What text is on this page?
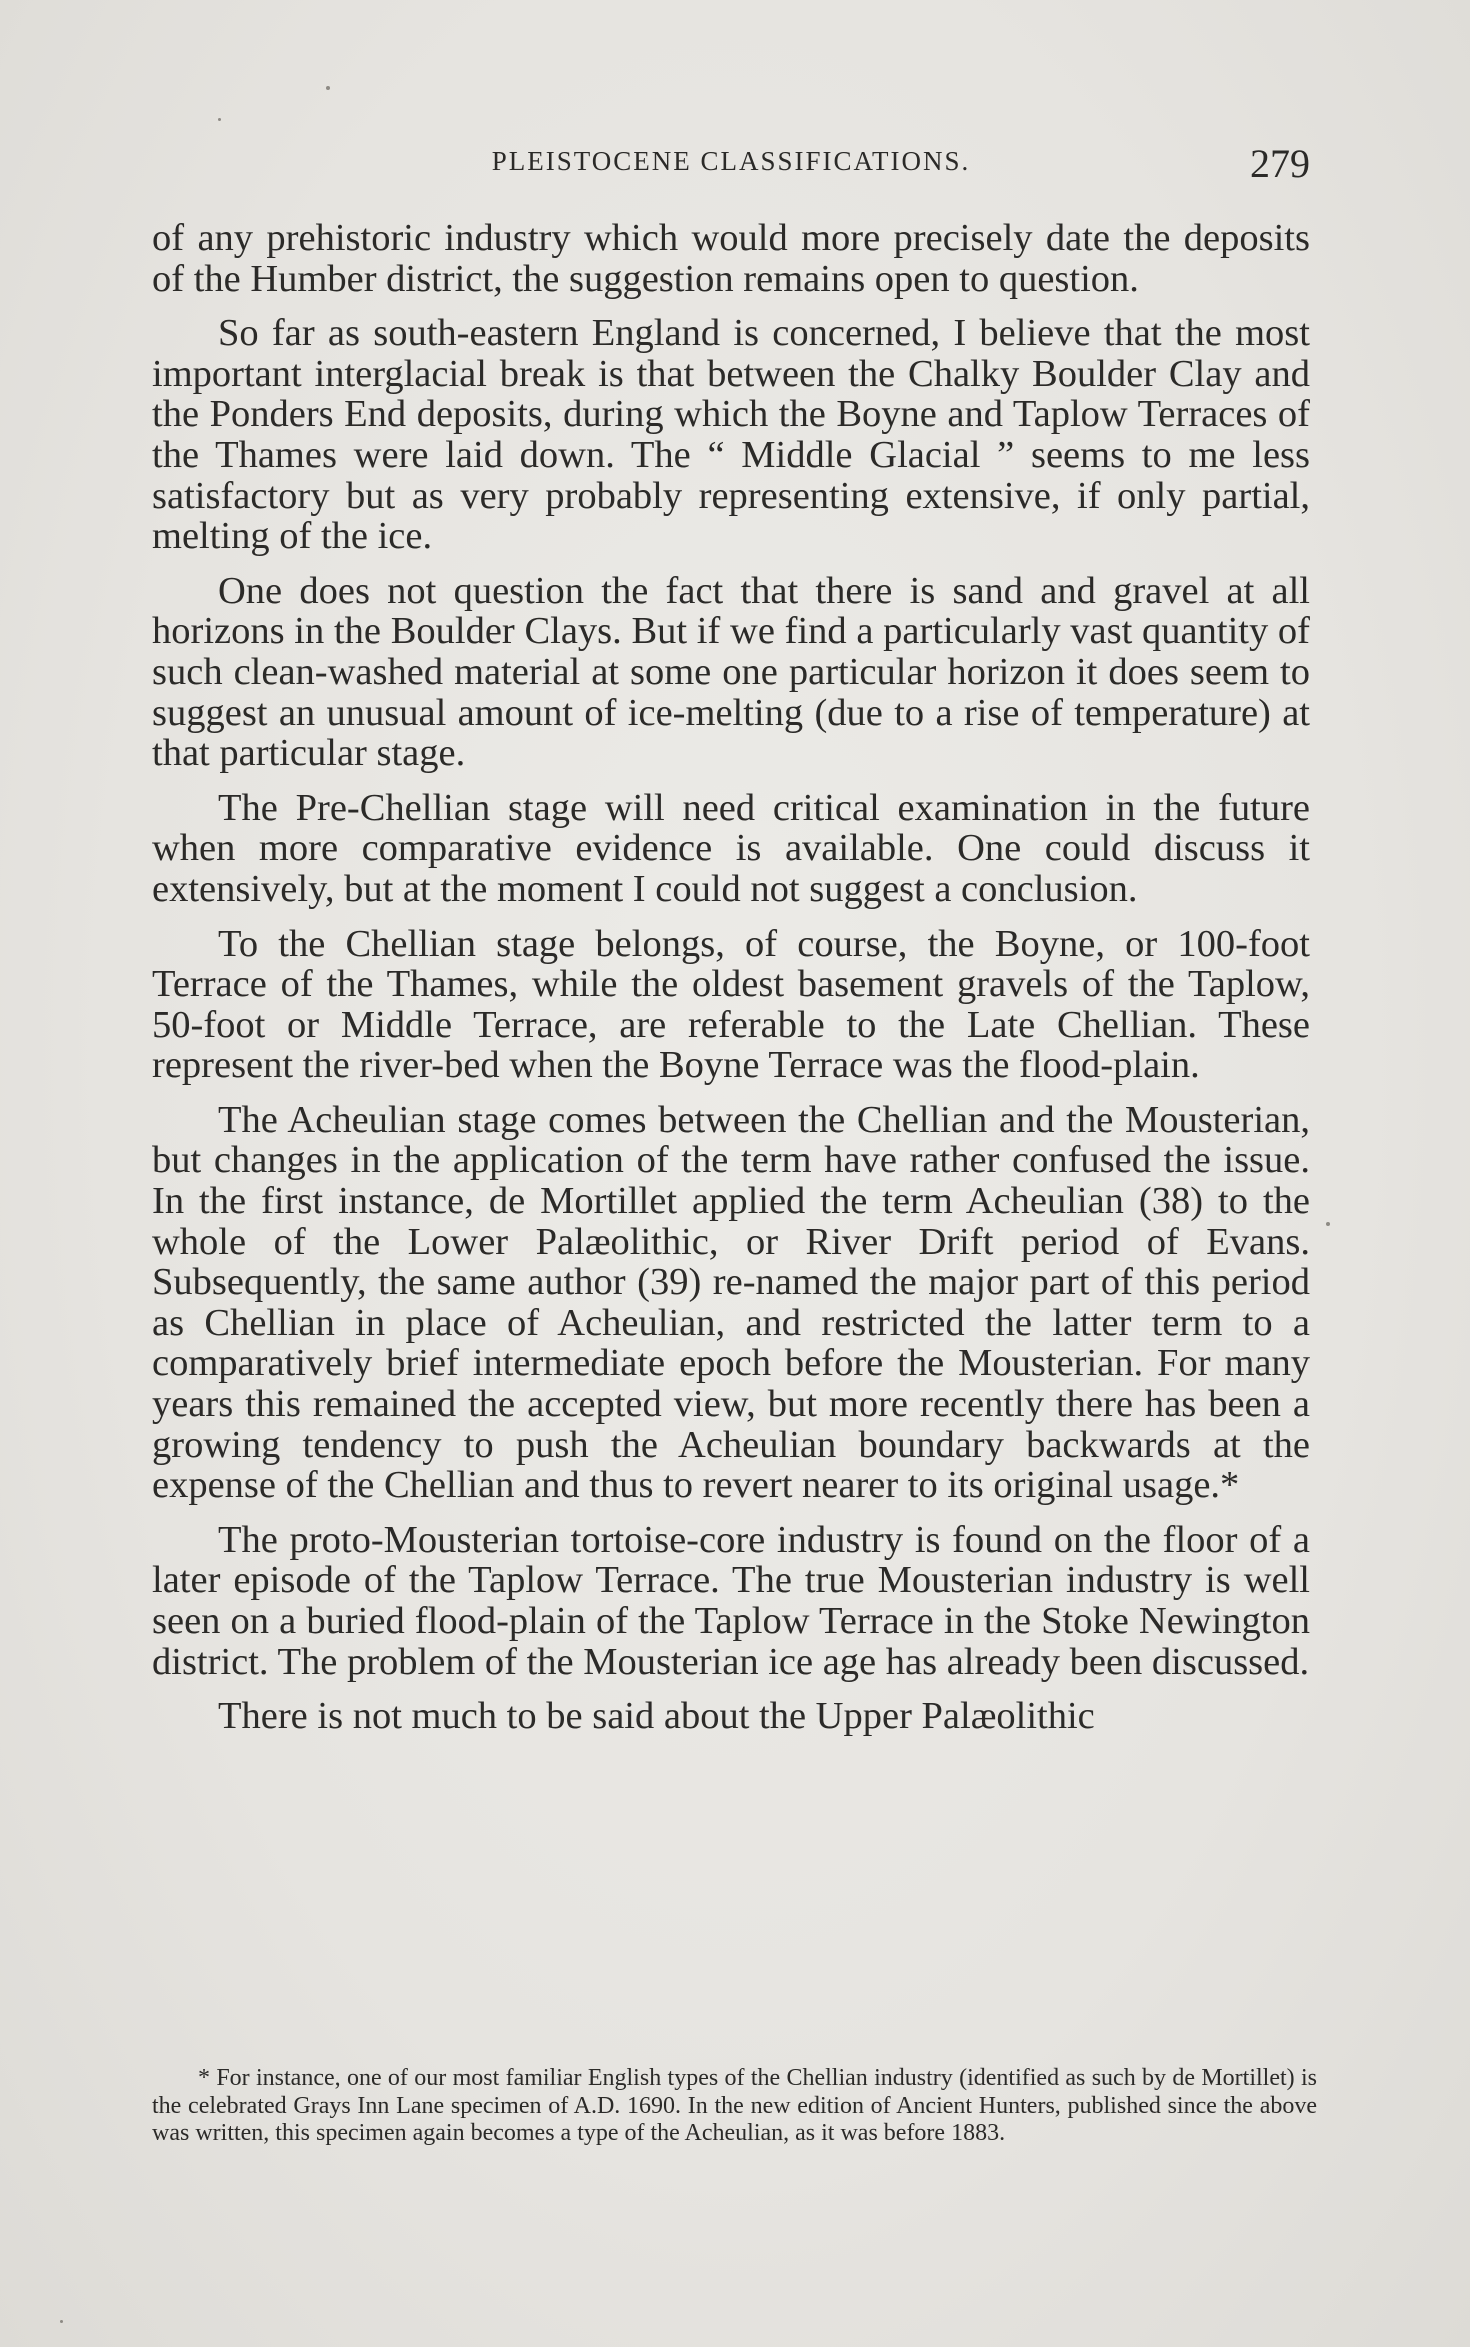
PLEISTOCENE CLASSIFICATIONS.	279

of any prehistoric industry which would more precisely date the deposits of the Humber district, the suggestion remains open to question.

So far as south-eastern England is concerned, I believe that the most important interglacial break is that between the Chalky Boulder Clay and the Ponders End deposits, during which the Boyne and Taplow Terraces of the Thames were laid down. The “ Middle Glacial ” seems to me less satisfactory but as very probably representing extensive, if only partial, melting of the ice.

One does not question the fact that there is sand and gravel at all horizons in the Boulder Clays. But if we find a particularly vast quantity of such clean-washed material at some one particular horizon it does seem to suggest an unusual amount of ice-melting (due to a rise of temperature) at that particular stage.

The Pre-Chellian stage will need critical examination in the future when more comparative evidence is available. One could discuss it extensively, but at the moment I could not suggest a conclusion.

To the Chellian stage belongs, of course, the Boyne, or 100-foot Terrace of the Thames, while the oldest basement gravels of the Taplow, 50-foot or Middle Terrace, are referable to the Late Chellian. These represent the river-bed when the Boyne Terrace was the flood-plain.

The Acheulian stage comes between the Chellian and the Mousterian, but changes in the application of the term have rather confused the issue. In the first instance, de Mortillet applied the term Acheulian (38) to the whole of the Lower Palæolithic, or River Drift period of Evans. Subsequently, the same author (39) re-named the major part of this period as Chellian in place of Acheulian, and restricted the latter term to a comparatively brief intermediate epoch before the Mousterian. For many years this remained the accepted view, but more recently there has been a growing tendency to push the Acheulian boundary backwards at the expense of the Chellian and thus to revert nearer to its original usage.*

The proto-Mousterian tortoise-core industry is found on the floor of a later episode of the Taplow Terrace. The true Mousterian industry is well seen on a buried flood-plain of the Taplow Terrace in the Stoke Newington district. The problem of the Mousterian ice age has already been discussed.

There is not much to be said about the Upper Palæolithic

* For instance, one of our most familiar English types of the Chellian industry (identified as such by de Mortillet) is the celebrated Grays Inn Lane specimen of A.D. 1690. In the new edition of Ancient Hunters, published since the above was written, this specimen again becomes a type of the Acheulian, as it was before 1883.
